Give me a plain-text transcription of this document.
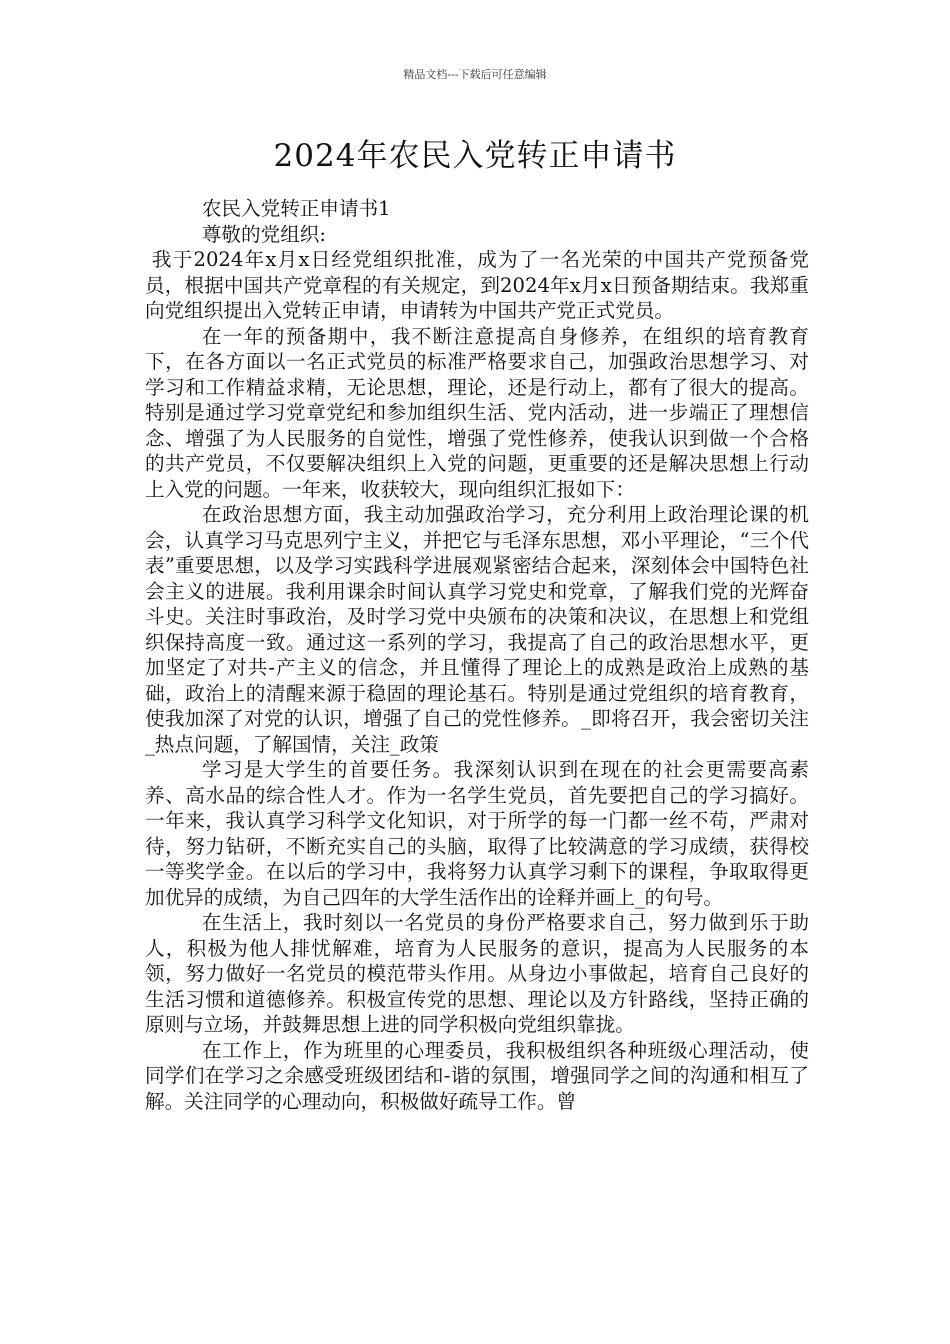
精品文档---下载后可任意编辑
2024年农民入党转正申请书

农民入党转正申请书1

尊敬的党组织:

我于2024年x月x日经党组织批准，成为了一名光荣的中国共产党预备党员，根据中国共产党章程的有关规定，到2024年x月x日预备期结束。我郑重向党组织提出入党转正申请，申请转为中国共产党正式党员。

在一年的预备期中，我不断注意提高自身修养，在组织的培育教育下，在各方面以一名正式党员的标准严格要求自己，加强政治思想学习、对学习和工作精益求精，无论思想，理论，还是行动上，都有了很大的提高。特别是通过学习党章党纪和参加组织生活、党内活动，进一步端正了理想信念、增强了为人民服务的自觉性，增强了党性修养，使我认识到做一个合格的共产党员，不仅要解决组织上入党的问题，更重要的还是解决思想上行动上入党的问题。一年来，收获较大，现向组织汇报如下：

在政治思想方面，我主动加强政治学习，充分利用上政治理论课的机会，认真学习马克思列宁主义，并把它与毛泽东思想，邓小平理论，“三个代表”重要思想，以及学习实践科学进展观紧密结合起来，深刻体会中国特色社会主义的进展。我利用课余时间认真学习党史和党章，了解我们党的光辉奋斗史。关注时事政治，及时学习党中央颁布的决策和决议，在思想上和党组织保持高度一致。通过这一系列的学习，我提高了自己的政治思想水平，更加坚定了对共-产主义的信念，并且懂得了理论上的成熟是政治上成熟的基础，政治上的清醒来源于稳固的理论基石。特别是通过党组织的培育教育，使我加深了对党的认识，增强了自己的党性修养。_即将召开，我会密切关注_热点问题，了解国情，关注_政策

学习是大学生的首要任务。我深刻认识到在现在的社会更需要高素养、高水品的综合性人才。作为一名学生党员，首先要把自己的学习搞好。一年来，我认真学习科学文化知识，对于所学的每一门都一丝不苟，严肃对待，努力钻研，不断充实自己的头脑，取得了比较满意的学习成绩，获得校一等奖学金。在以后的学习中，我将努力认真学习剩下的课程，争取取得更加优异的成绩，为自己四年的大学生活作出的诠释并画上_的句号。

在生活上，我时刻以一名党员的身份严格要求自己，努力做到乐于助人，积极为他人排忧解难，培育为人民服务的意识，提高为人民服务的本领，努力做好一名党员的模范带头作用。从身边小事做起，培育自己良好的生活习惯和道德修养。积极宣传党的思想、理论以及方针路线，坚持正确的原则与立场，并鼓舞思想上进的同学积极向党组织靠拢。

在工作上，作为班里的心理委员，我积极组织各种班级心理活动，使同学们在学习之余感受班级团结和-谐的氛围，增强同学之间的沟通和相互了解。关注同学的心理动向，积极做好疏导工作。曾
